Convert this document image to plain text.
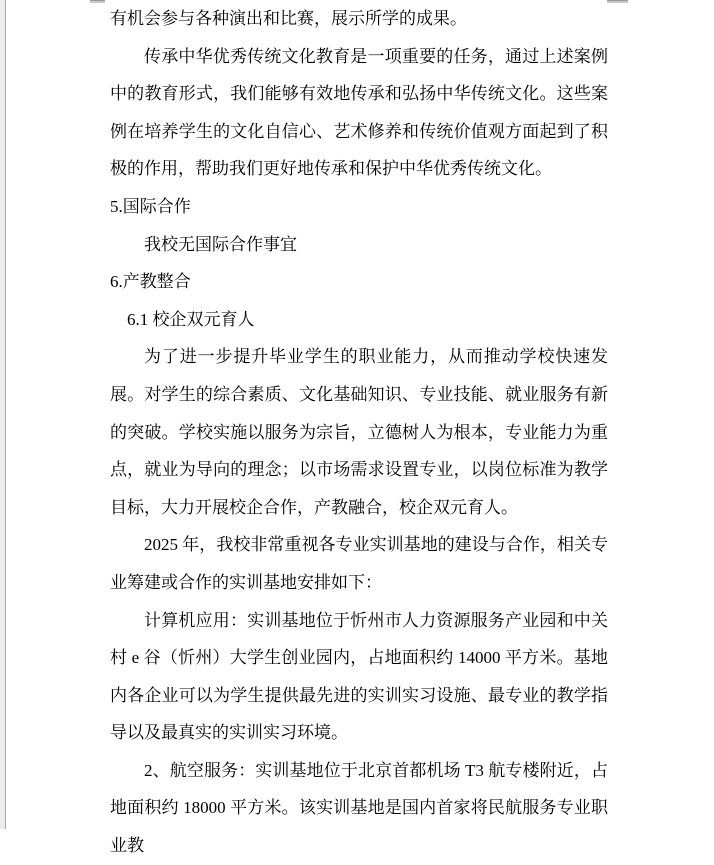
有机会参与各种演出和比赛，展示所学的成果。

传承中华优秀传统文化教育是一项重要的任务，通过上述案例中的教育形式，我们能够有效地传承和弘扬中华传统文化。这些案例在培养学生的文化自信心、艺术修养和传统价值观方面起到了积极的作用，帮助我们更好地传承和保护中华优秀传统文化。

5.国际合作

我校无国际合作事宜

6.产教整合

6.1 校企双元育人

为了进一步提升毕业学生的职业能力，从而推动学校快速发展。对学生的综合素质、文化基础知识、专业技能、就业服务有新的突破。学校实施以服务为宗旨，立德树人为根本，专业能力为重点，就业为导向的理念；以市场需求设置专业，以岗位标准为教学目标，大力开展校企合作，产教融合，校企双元育人。

2025 年，我校非常重视各专业实训基地的建设与合作，相关专业筹建或合作的实训基地安排如下：

计算机应用：实训基地位于忻州市人力资源服务产业园和中关村 e 谷（忻州）大学生创业园内，占地面积约 14000 平方米。基地内各企业可以为学生提供最先进的实训实习设施、最专业的教学指导以及最真实的实训实习环境。

2、航空服务：实训基地位于北京首都机场 T3 航专楼附近，占地面积约 18000 平方米。该实训基地是国内首家将民航服务专业职业教
